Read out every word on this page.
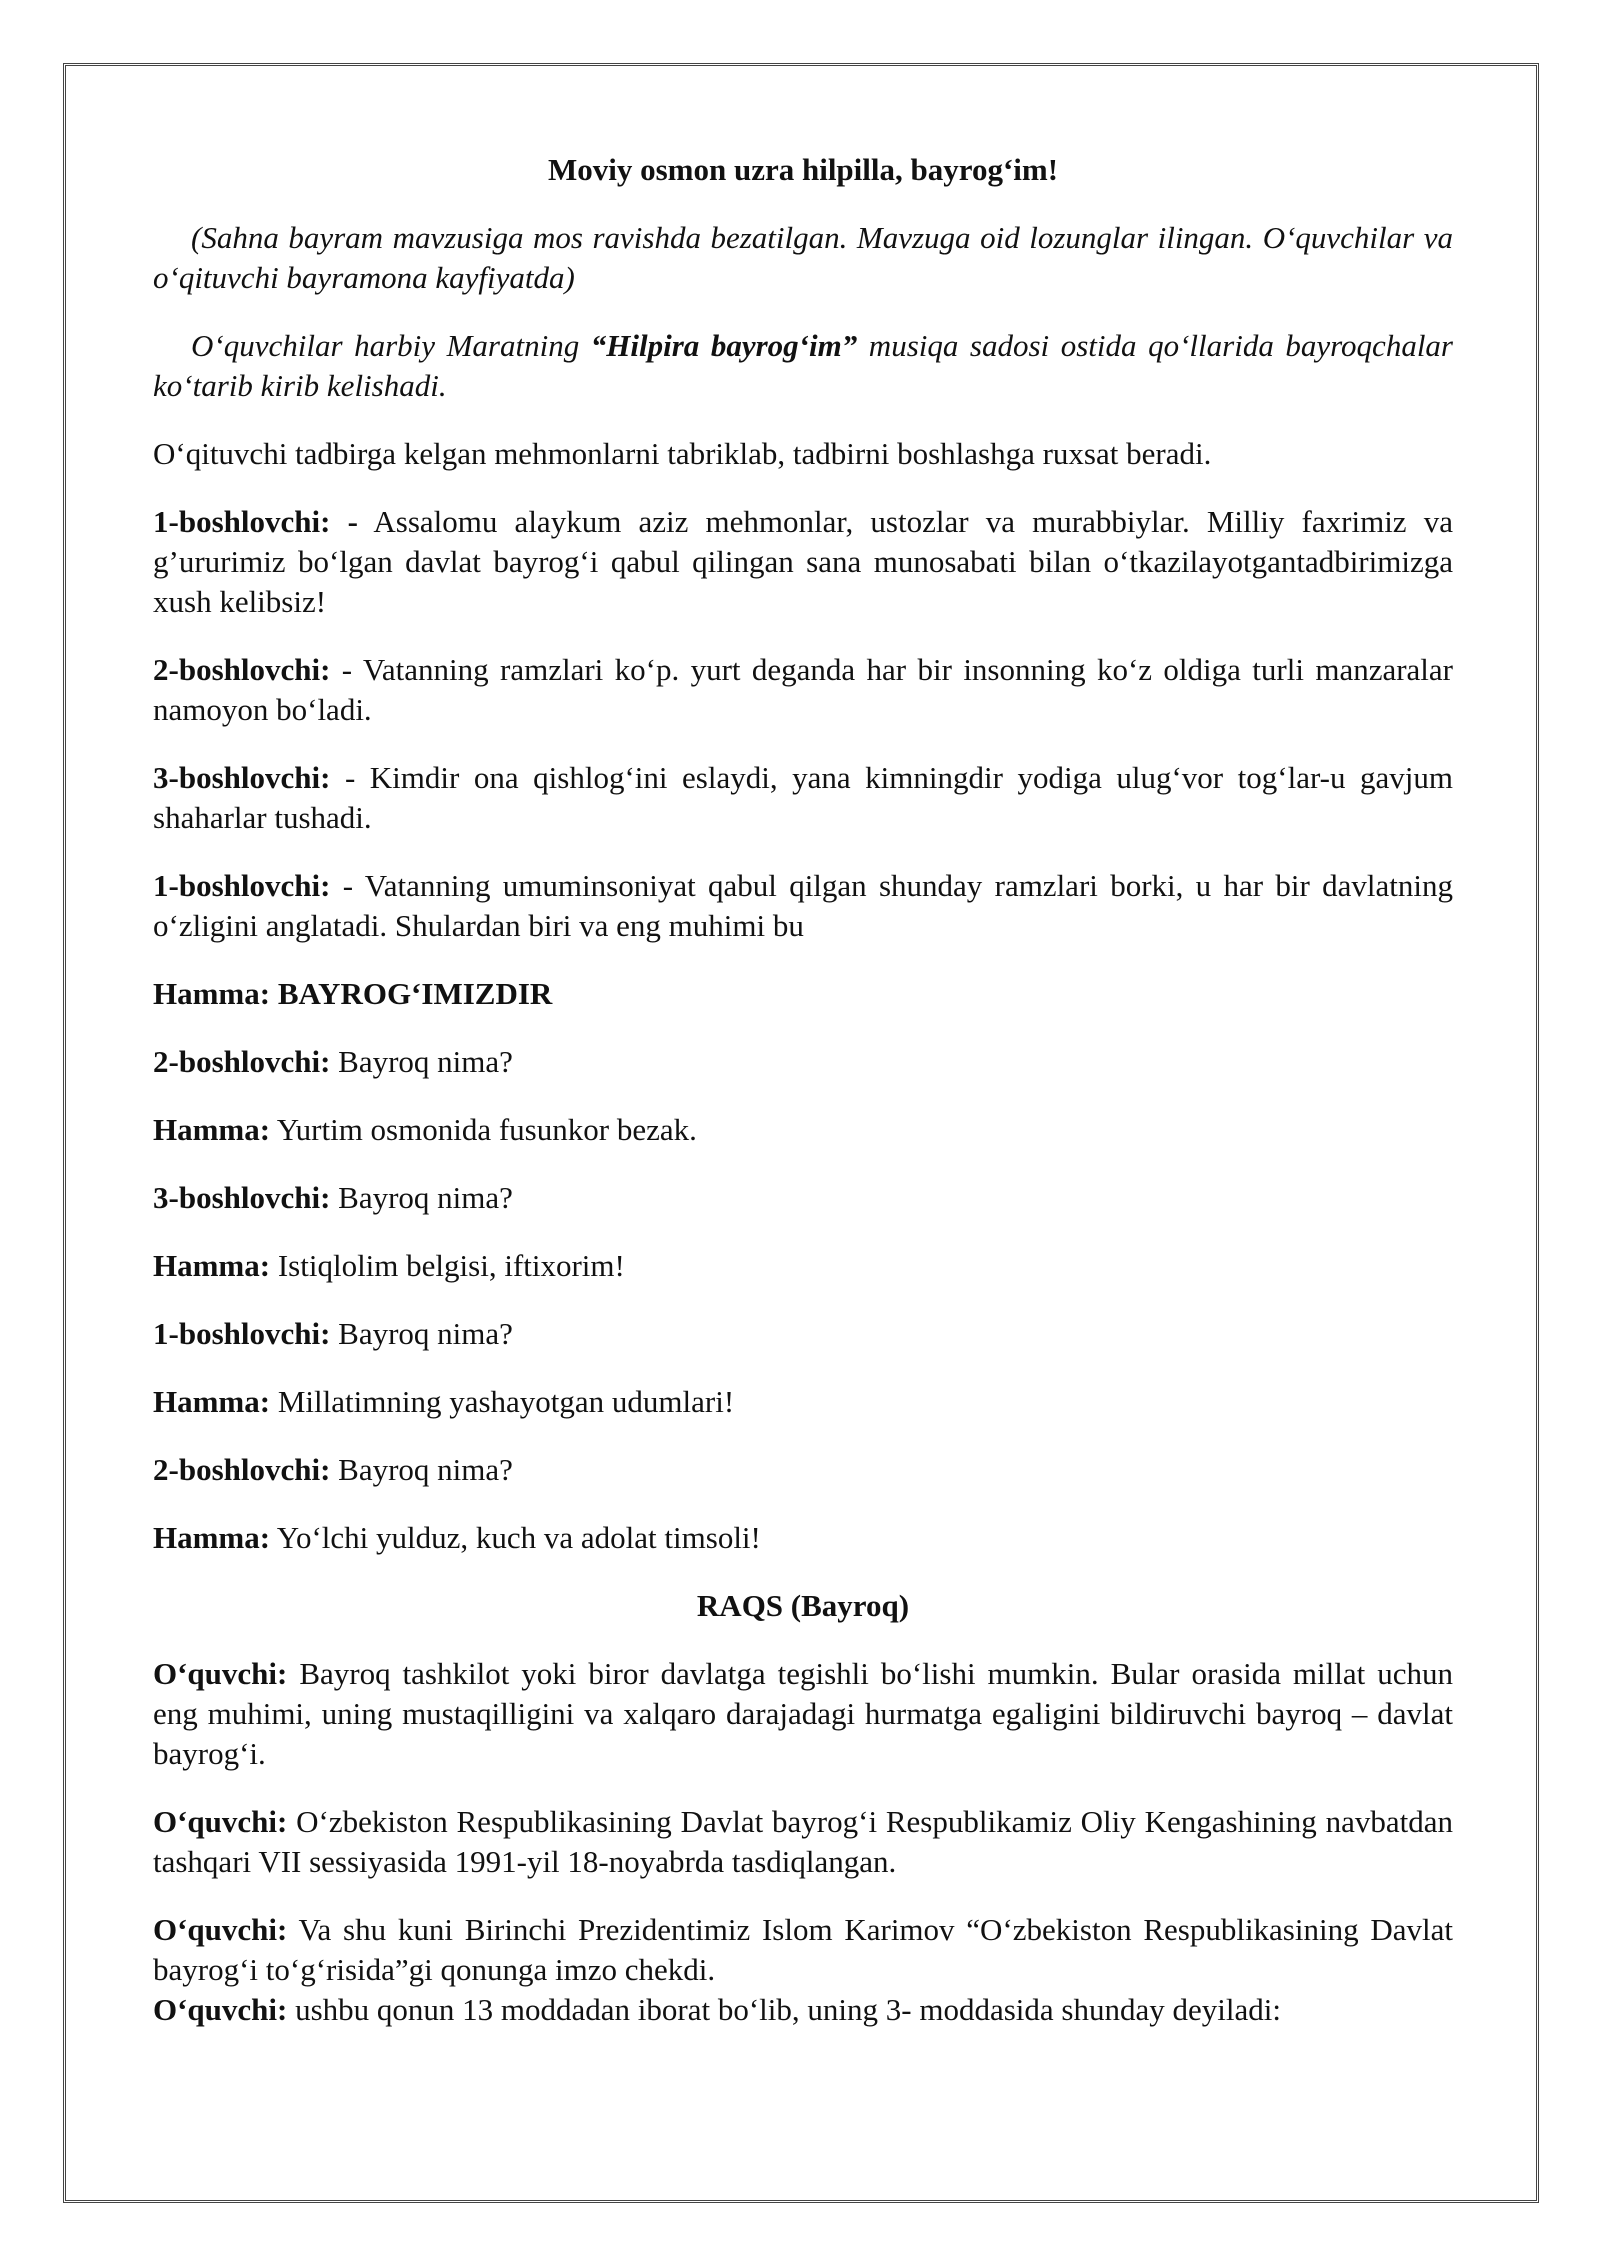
Moviy osmon uzra hilpilla, bayrog‘im!
(Sahna bayram mavzusiga mos ravishda bezatilgan. Mavzuga oid lozunglar ilingan. O‘quvchilar va o‘qituvchi bayramona kayfiyatda)
O‘quvchilar harbiy Maratning “Hilpira bayrog‘im” musiqa sadosi ostida qo‘llarida bayroqchalar ko‘tarib kirib kelishadi.
O‘qituvchi tadbirga kelgan mehmonlarni tabriklab, tadbirni boshlashga ruxsat beradi.
1-boshlovchi: - Assalomu alaykum aziz mehmonlar, ustozlar va murabbiylar. Milliy faxrimiz va g’ururimiz bo‘lgan davlat bayrog‘i qabul qilingan sana munosabati bilan o‘tkazilayotgantadbirimizga xush kelibsiz!
2-boshlovchi: - Vatanning ramzlari ko‘p. yurt deganda har bir insonning ko‘z oldiga turli manzaralar namoyon bo‘ladi.
3-boshlovchi: - Kimdir ona qishlog‘ini eslaydi, yana kimningdir yodiga ulug‘vor tog‘lar-u gavjum shaharlar tushadi.
1-boshlovchi: - Vatanning umuminsoniyat qabul qilgan shunday ramzlari borki, u har bir davlatning o‘zligini anglatadi. Shulardan biri va eng muhimi bu
Hamma: BAYROG‘IMIZDIR
2-boshlovchi: Bayroq nima?
Hamma: Yurtim osmonida fusunkor bezak.
3-boshlovchi: Bayroq nima?
Hamma: Istiqlolim belgisi, iftixorim!
1-boshlovchi: Bayroq nima?
Hamma: Millatimning yashayotgan udumlari!
2-boshlovchi: Bayroq nima?
Hamma: Yo‘lchi yulduz, kuch va adolat timsoli!
RAQS (Bayroq)
O‘quvchi: Bayroq tashkilot yoki biror davlatga tegishli bo‘lishi mumkin. Bular orasida millat uchun eng muhimi, uning mustaqilligini va xalqaro darajadagi hurmatga egaligini bildiruvchi bayroq – davlat bayrog‘i.
O‘quvchi: O‘zbekiston Respublikasining Davlat bayrog‘i Respublikamiz Oliy Kengashining navbatdan tashqari VII sessiyasida 1991-yil 18-noyabrda tasdiqlangan.
O‘quvchi: Va shu kuni Birinchi Prezidentimiz Islom Karimov “O‘zbekiston Respublikasining Davlat bayrog‘i to‘g‘risida”gi qonunga imzo chekdi.
O‘quvchi: ushbu qonun 13 moddadan iborat bo‘lib, uning 3- moddasida shunday deyiladi:
